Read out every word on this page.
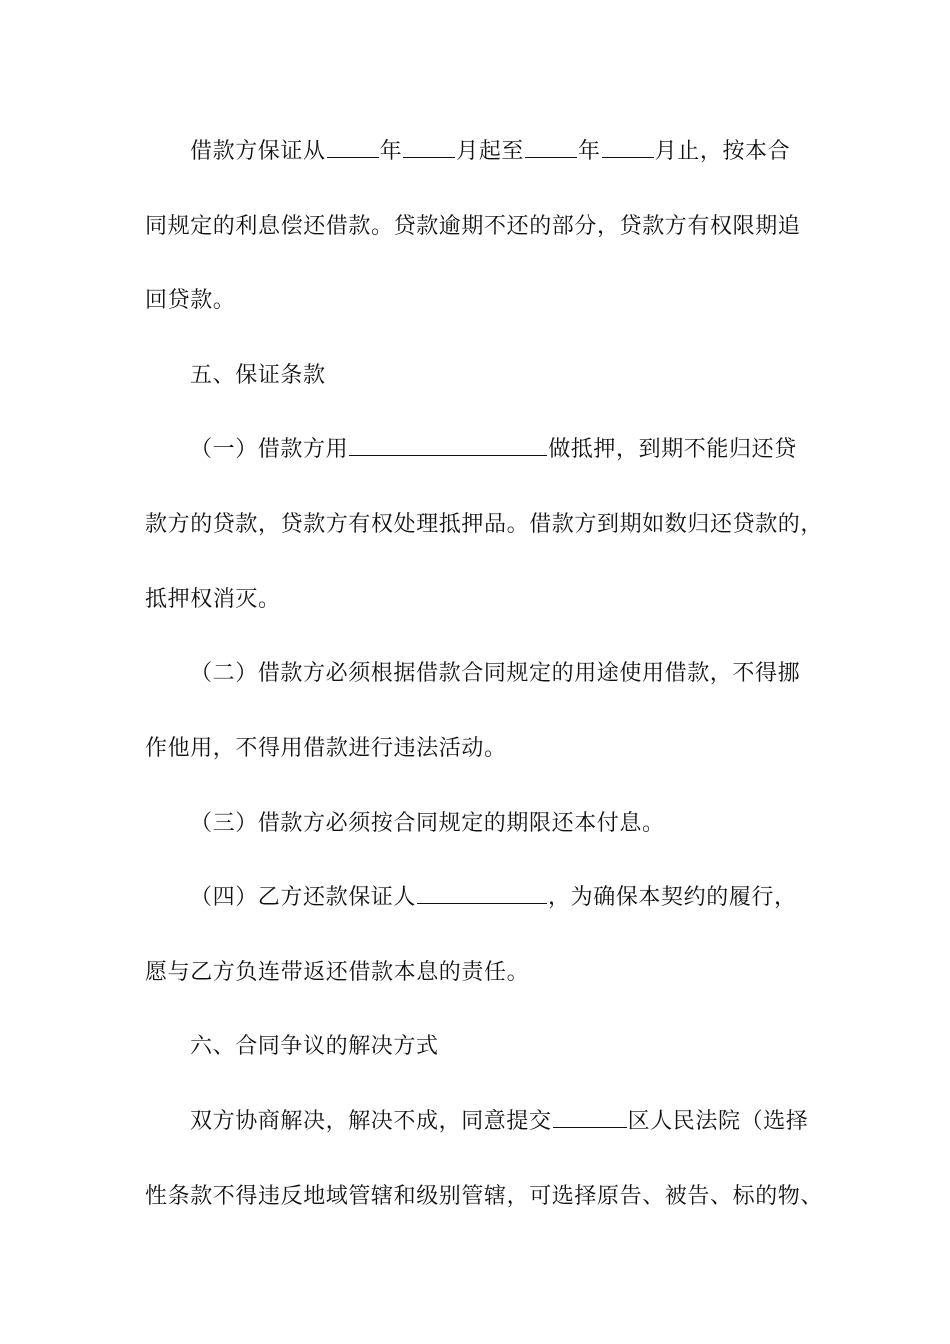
借款方保证从 年 月起至 年 月止，按本合
同规定的利息偿还借款。贷款逾期不还的部分，贷款方有权限期追
回贷款。
五、保证条款
（一）借款方用	做抵押，到期不能归还贷
款方的贷款，贷款方有权处理抵押品。借款方到期如数归还贷款的，
抵押权消灭。
（二）借款方必须根据借款合同规定的用途使用借款，不得挪
作他用，不得用借款进行违法活动。
（三）借款方必须按合同规定的期限还本付息。
（四）乙方还款保证人	，为确保本契约的履行，
愿与乙方负连带返还借款本息的责任。
六、合同争议的解决方式
双方协商解决，解决不成，同意提交	区人民法院（选择
性条款不得违反地域管辖和级别管辖，可选择原告、被告、标的物、
